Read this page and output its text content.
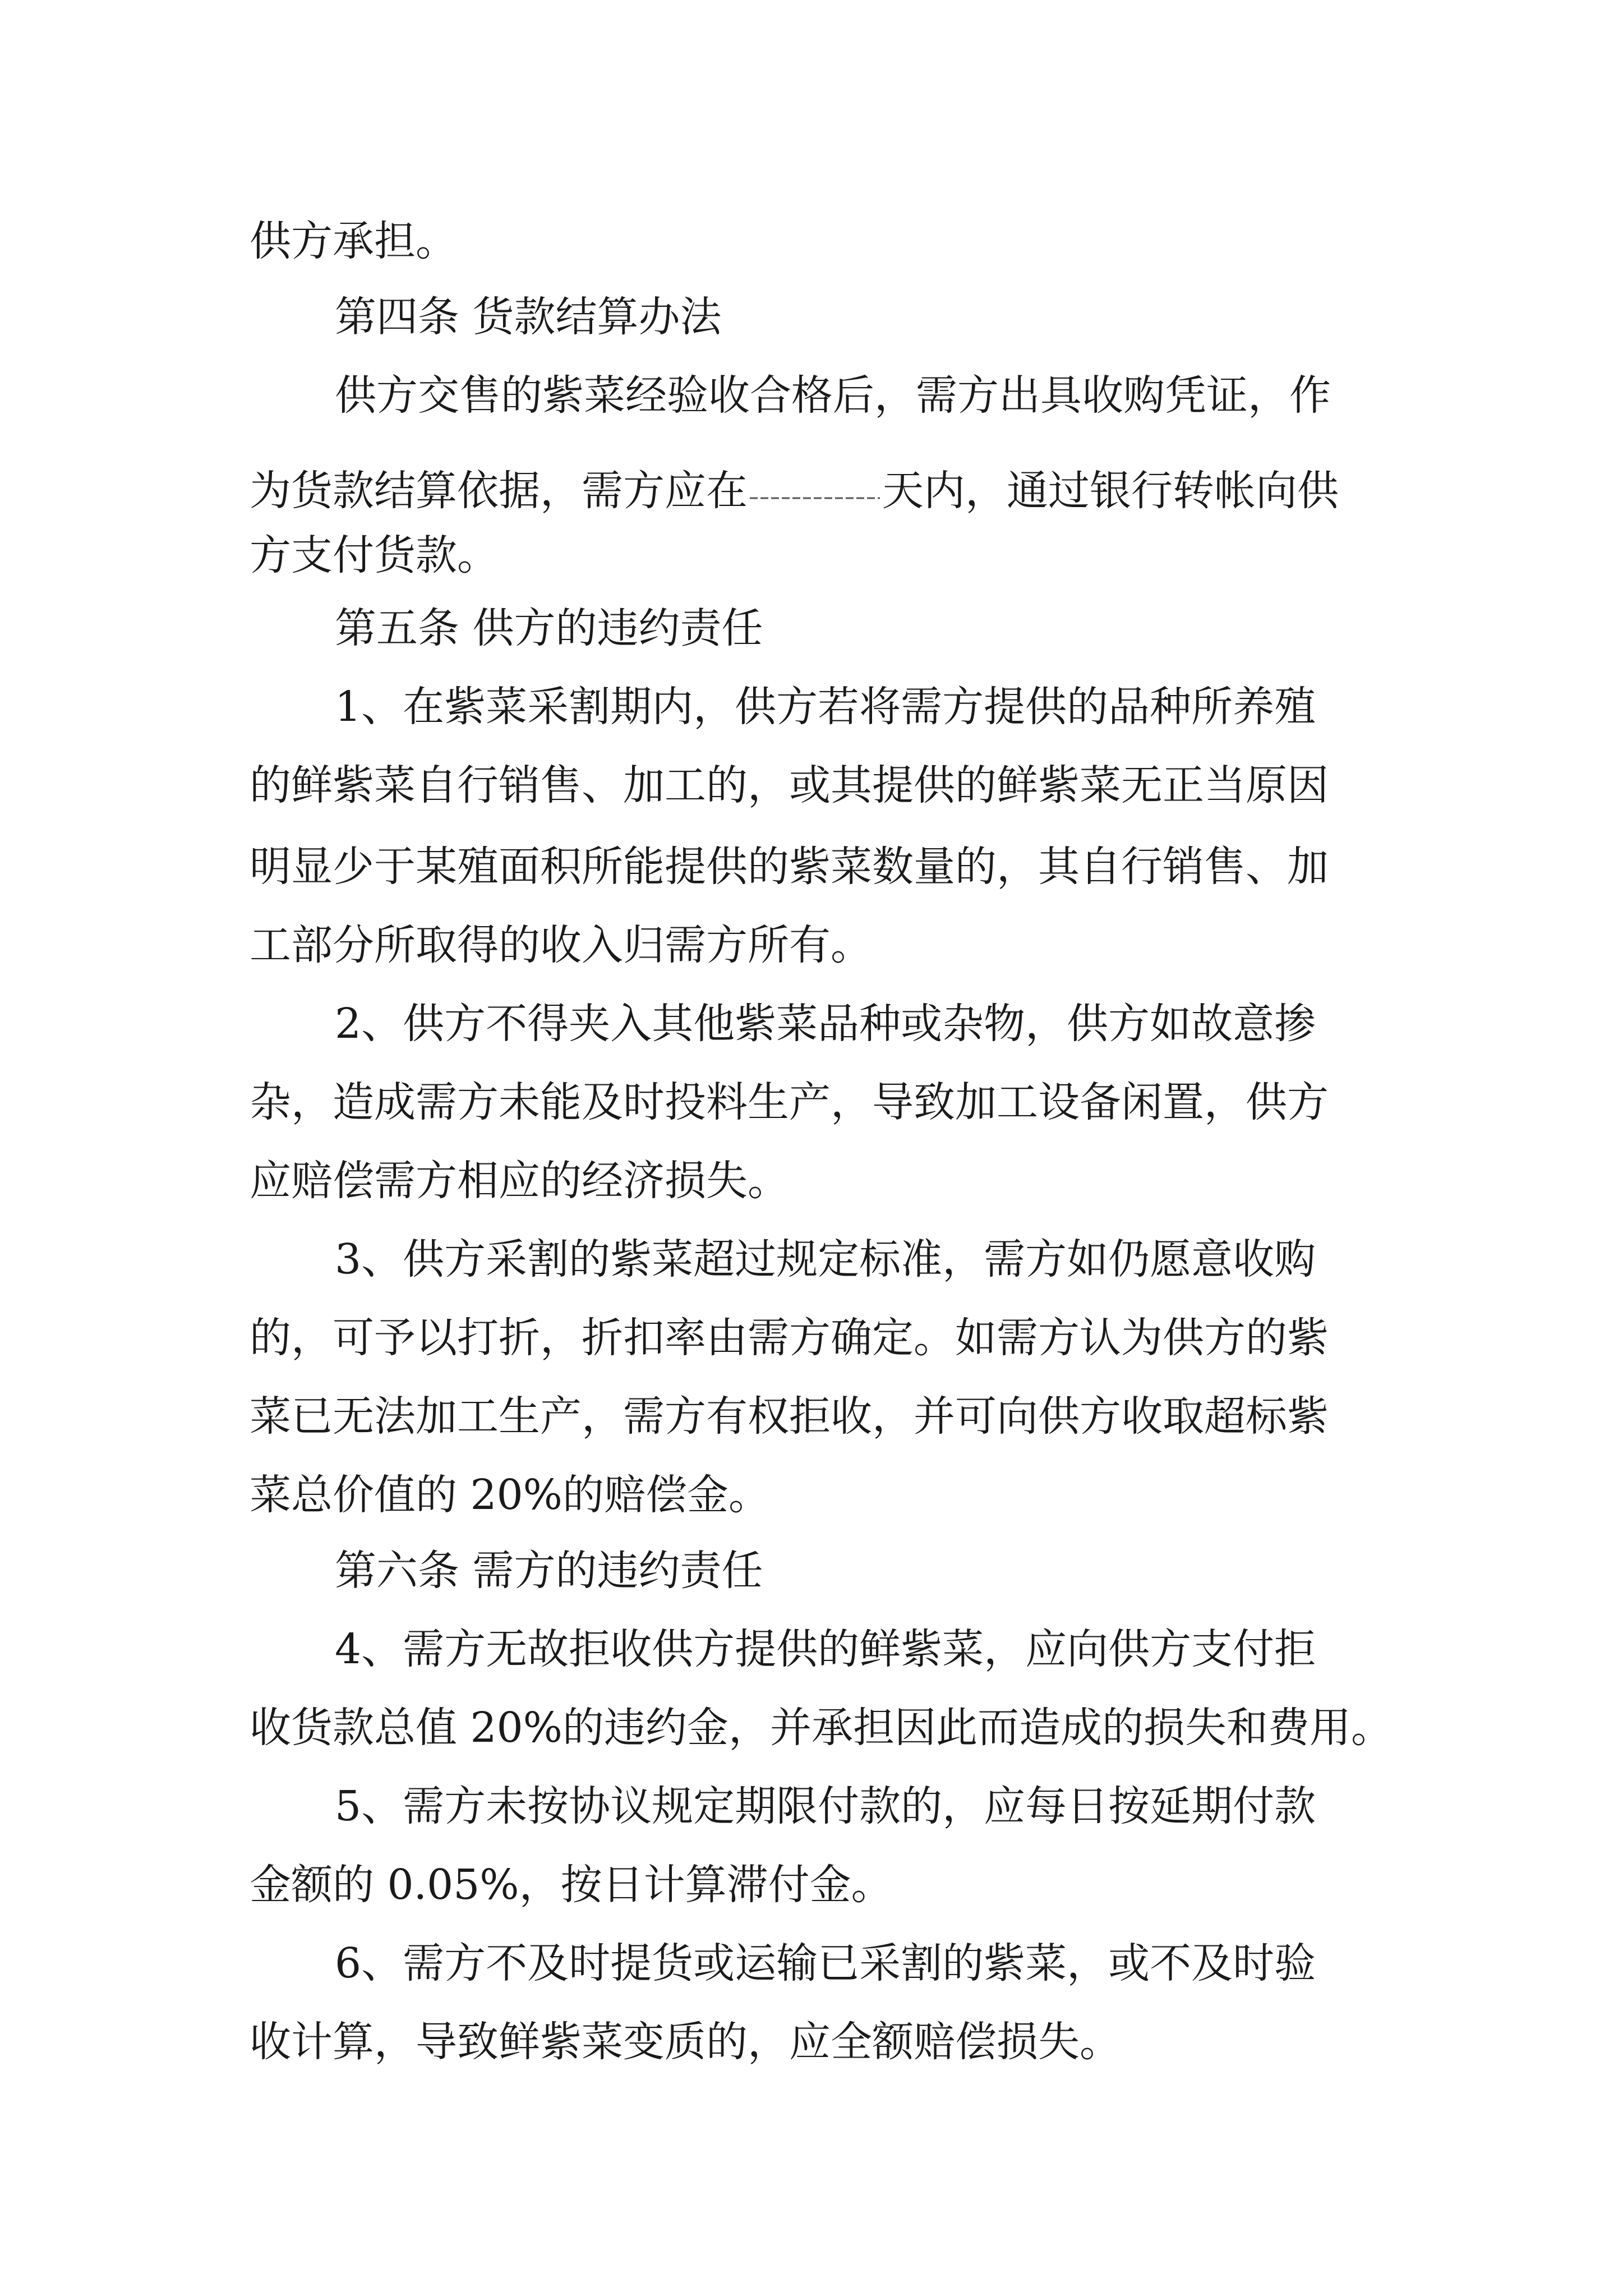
供方承担。

第四条 货款结算办法

供方交售的紫菜经验收合格后，需方出具收购凭证，作

为货款结算依据，需方应在	天内，通过银行转帐向供

方支付货款。

第五条 供方的违约责任

1、在紫菜采割期内，供方若将需方提供的品种所养殖

的鲜紫菜自行销售、加工的，或其提供的鲜紫菜无正当原因

明显少于某殖面积所能提供的紫菜数量的，其自行销售、加

工部分所取得的收入归需方所有。

2、供方不得夹入其他紫菜品种或杂物，供方如故意掺

杂，造成需方未能及时投料生产，导致加工设备闲置，供方

应赔偿需方相应的经济损失。

3、供方采割的紫菜超过规定标准，需方如仍愿意收购

的，可予以打折，折扣率由需方确定。如需方认为供方的紫

菜已无法加工生产，需方有权拒收，并可向供方收取超标紫

菜总价值的 20%的赔偿金。

第六条 需方的违约责任

4、需方无故拒收供方提供的鲜紫菜，应向供方支付拒

收货款总值 20%的违约金，并承担因此而造成的损失和费用。

5、需方未按协议规定期限付款的，应每日按延期付款

金额的 0.05%，按日计算滞付金。

6、需方不及时提货或运输已采割的紫菜，或不及时验

收计算，导致鲜紫菜变质的，应全额赔偿损失。
